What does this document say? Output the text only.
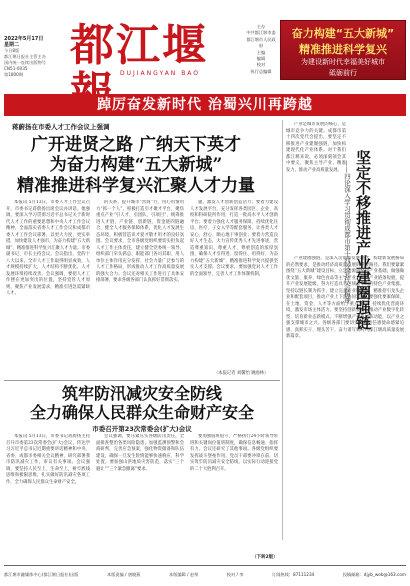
2022年5月17日
星期二
今日8版
都江堰日报社主管主办
国内统一连续出版物号
CN51-0035
第1800期
都江堰
DUJIANGYAN BAO
主办
中共都江堰市委
都江堰市人民政府
主编
编辑
校对
执行总编辑
奋力构建“五大新城”
精准推进科学复兴
为建设新时代幸福美好城市
砥砺前行
踔厉奋发新时代 治蜀兴川再跨越
蒋蔚扬在市委人才工作会议上强调
广开进贤之路 广纳天下英才
为奋力构建“五大新城”
精准推进科学复兴汇聚人才力量

本报讯 5月13日，市委人才工作会议召开。市委书记蒋蔚扬出席会议并讲话。他强调，要深入学习贯彻习近平总书记关于新时代人才工作的重要思想和中央人才工作会议精神，全面落实省委人才工作会议和成都市委人才工作会议部署，以更大力度、更实举措，加快建设人才强市，为奋力构建“五大新城”、精准推进科学复兴汇聚人才力量。市委副书记、市长主持会议。会议指出，党的十八大以来，全市人才工作取得明显成效，人才规模持续扩大，人才结构不断优化，人才发展环境持续改善。会议强调，要把人才工作摆在更加突出的位置，坚持党管人才原则，聚焦产业发展需求，精准引进急需紧缺人才。

的关系，提升城市“营商”力，用心用情用力“抓一个人”，积极打造引才聚才平台，聚焦重点产业“引人才、引团队、引项目”，统筹推进人才链、产业链、创新链、资金链四链融合，健全人才服务保障体系，优化人才发展生态环境，积极营造识才爱才敬才用才的良好氛围。会议要求，全市各级党组织要切实担负起人才工作主体责任，建立健全党委统一领导、组织部门牵头抓总、职能部门各司其职、用人单位主体作用充分发挥、社会力量广泛参与的人才工作格局，形成推动人才工作高质量发展的强大合力。会议还对相关工作进行了具体安排部署，要求各级各部门认真抓好贯彻落实。

题，激发人才创新创造活力；要着力建设人才发展平台，充分发挥各类园区、企业、高校和科研院所作用，打造一批高水平人才创新平台；要着力强化人才服务保障，持续优化住房、医疗、子女入学等配套服务，让各类人才安心、舒心、顺心地干事创业；要着力营造良好人才生态，大力宣传优秀人才先进事迹，营造尊重知识、尊重人才、尊重创造的浓厚氛围，确保人才引得进、留得住、用得好，为奋力构建“五大新城”、精准推进科学复兴提供坚实人才支撑。会议要求，要加强党对人才工作的全面领导，完善人才工作体制机制。

（本报记者 刘馨怡 姚曲林）
筑牢防汛减灾安全防线
全力确保人民群众生命财产安全
市委召开第23次常委会(扩大)会议

本报讯 5月13日，市委书记蒋蔚扬主持召开市委第23次常委会(扩大)会议，传达学习习近平总书记近期重要讲话精神和中央、省委、成都市委相关会议精神，研究部署我市防汛减灾工作，审议有关事项。会议强调，要坚持人民至上、生命至上，树牢底线思维和极限思维，扎实做好防汛减灾各项工作，全力确保人民群众生命财产安全。

会议强调，要压紧压实各级防汛责任，全面排查整治各类风险隐患，加强监测预警和会商研判，完善应急预案，强化物资储备和队伍建设，确保一旦发生险情能够快速响应、科学处置。要加强山洪地质灾害防范，落实“三个避让”“三个紧急撤离”要求。

要加强值班值守，严格执行24小时领导带班和关键岗位值班制度，确保信息畅通、指挥有力。会议还研究了其他事项。各级党组织要发挥战斗堡垒作用，党员干部要冲锋在前，切实筑牢防汛减灾安全防线，以实际行动迎接党的二十大胜利召开。

（下转2版）

产业是城市发展的核心，是城市竞争力的关键。成都市第十四次党代会提出，要坚定不移推进产业建圈强链，加快构建现代化产业体系。对于我们都江堰来说，必须深刻领会其中要义，聚焦主导产业，精准发力，推动产业高质量发展。 坚定不移推进产业建圈强链
——四论深入学习贯彻成都市第十四次党代会精神

产业建圈强链，是深入贯彻新发展理念、构建新发展格局的必然要求，是推动经济高质量发展的重要路径。我们要紧紧围绕“五大新城”建设目标，立足资源禀赋和产业基础，做强做优文旅、康养、绿色食品等主导产业，补齐产业链条短板，提升产业发展能级，努力打造具有区域竞争力的特色产业集群。坚持以链长制为抓手，建立完善产业链图谱，精准招引龙头企业和配套项目，推动产业上下游协同发展。要强化要素保障，在土地、资金、人才等方面给予重点支持，持续优化营商环境，激发市场主体活力。要坚持创新驱动，推动产业数字化转型，培育新业态新模式，不断增强产业发展新动能，以产业之强支撑城市之兴。各级各部门要切实增强责任感使命感紧迫感，真抓实干、埋头苦干，奋力谱写新时代都江堰高质量发展新篇章。

都江堰市融媒体中心(都江堰日报社)出版	本版责编 / 唐晓燕	本版编辑 / 赵琴	校对 / 李	订阅热线：87111234	投稿邮箱：djyb_web@163.com
